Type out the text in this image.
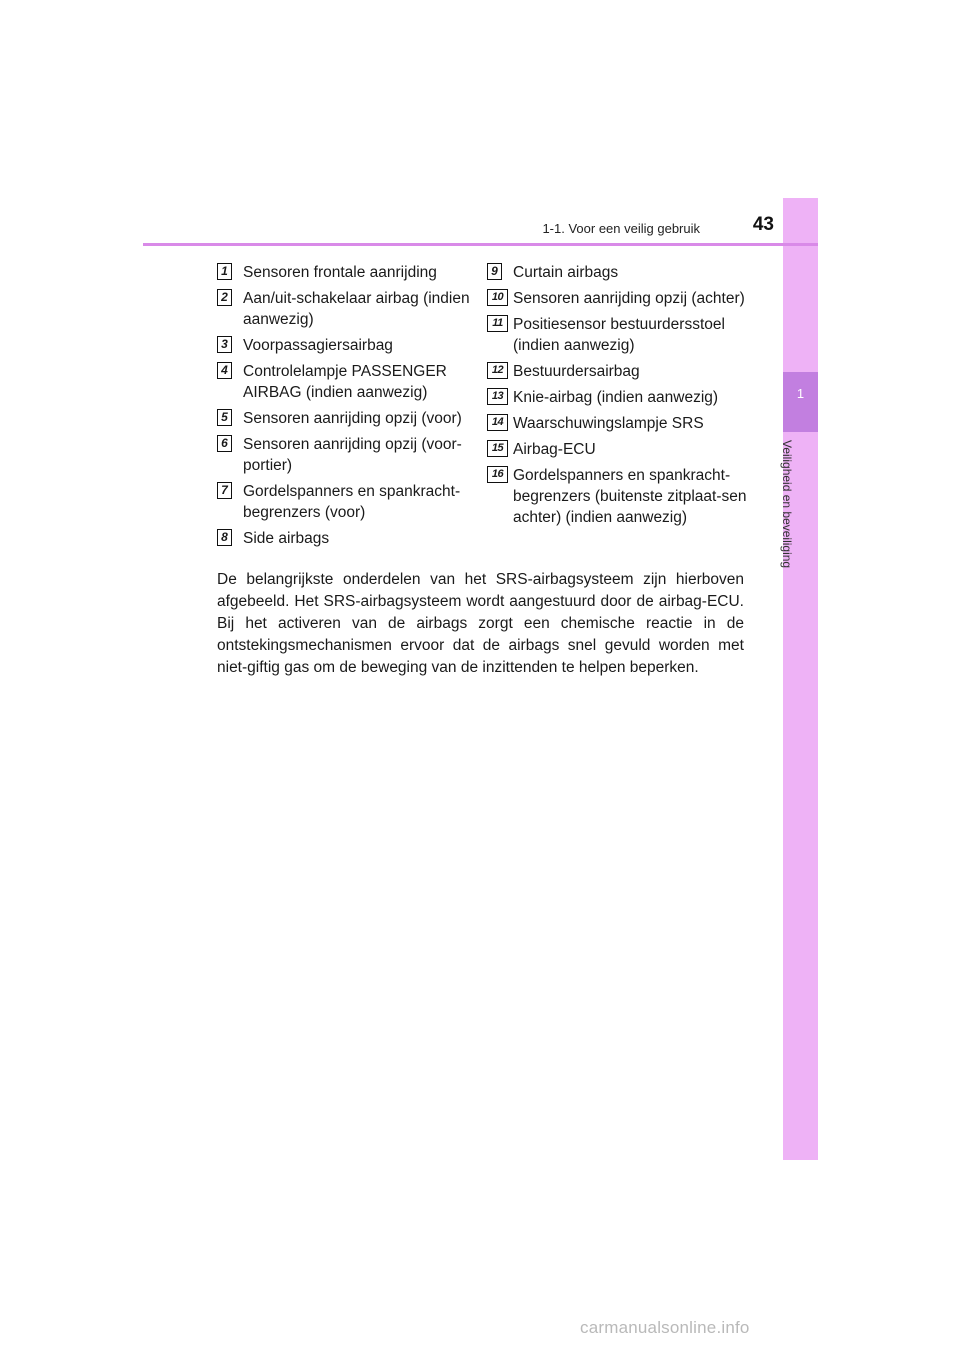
1
Veiligheid en beveiliging
1-1. Voor een veilig gebruik	43
1 Sensoren frontale aanrijding
2 Aan/uit-schakelaar airbag (indien aanwezig)
3 Voorpassagiersairbag
4 Controlelampje PASSENGER AIRBAG (indien aanwezig)
5 Sensoren aanrijding opzij (voor)
6 Sensoren aanrijding opzij (voor-portier)
7 Gordelspanners en spankracht-begrenzers (voor)
8 Side airbags
9 Curtain airbags
10 Sensoren aanrijding opzij (achter)
11 Positiesensor bestuurdersstoel (indien aanwezig)
12 Bestuurdersairbag
13 Knie-airbag (indien aanwezig)
14 Waarschuwingslampje SRS
15 Airbag-ECU
16 Gordelspanners en spankracht-begrenzers (buitenste zitplaat-sen achter) (indien aanwezig)

De belangrijkste onderdelen van het SRS-airbagsysteem zijn hierboven afgebeeld. Het SRS-airbagsysteem wordt aangestuurd door de airbag-ECU. Bij het activeren van de airbags zorgt een chemische reactie in de ontstekingsmechanismen ervoor dat de airbags snel gevuld worden met niet-giftig gas om de beweging van de inzittenden te helpen beperken.

carmanualsonline.info
